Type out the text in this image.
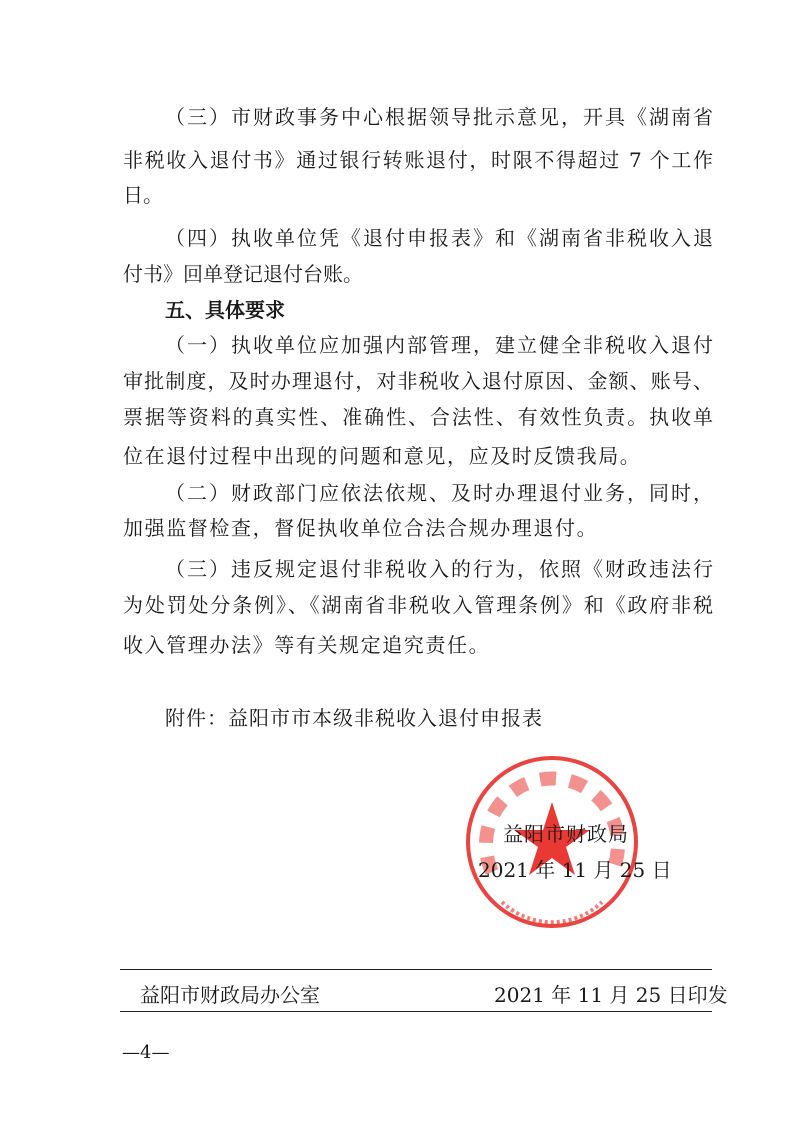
（三）市财政事务中心根据领导批示意见，开具《湖南省
非税收入退付书》通过银行转账退付，时限不得超过 7 个工作
日。
（四）执收单位凭《退付申报表》和《湖南省非税收入退
付书》回单登记退付台账。
五、具体要求
（一）执收单位应加强内部管理，建立健全非税收入退付
审批制度，及时办理退付，对非税收入退付原因、金额、账号、
票据等资料的真实性、准确性、合法性、有效性负责。执收单
位在退付过程中出现的问题和意见，应及时反馈我局。
（二）财政部门应依法依规、及时办理退付业务，同时，
加强监督检查，督促执收单位合法合规办理退付。
（三）违反规定退付非税收入的行为，依照《财政违法行
为处罚处分条例》、《湖南省非税收入管理条例》和《政府非税
收入管理办法》等有关规定追究责任。
附件：益阳市市本级非税收入退付申报表
益阳市财政局
2021 年 11 月 25 日
益阳市财政局办公室	2021 年 11 月 25 日印发
—4—
